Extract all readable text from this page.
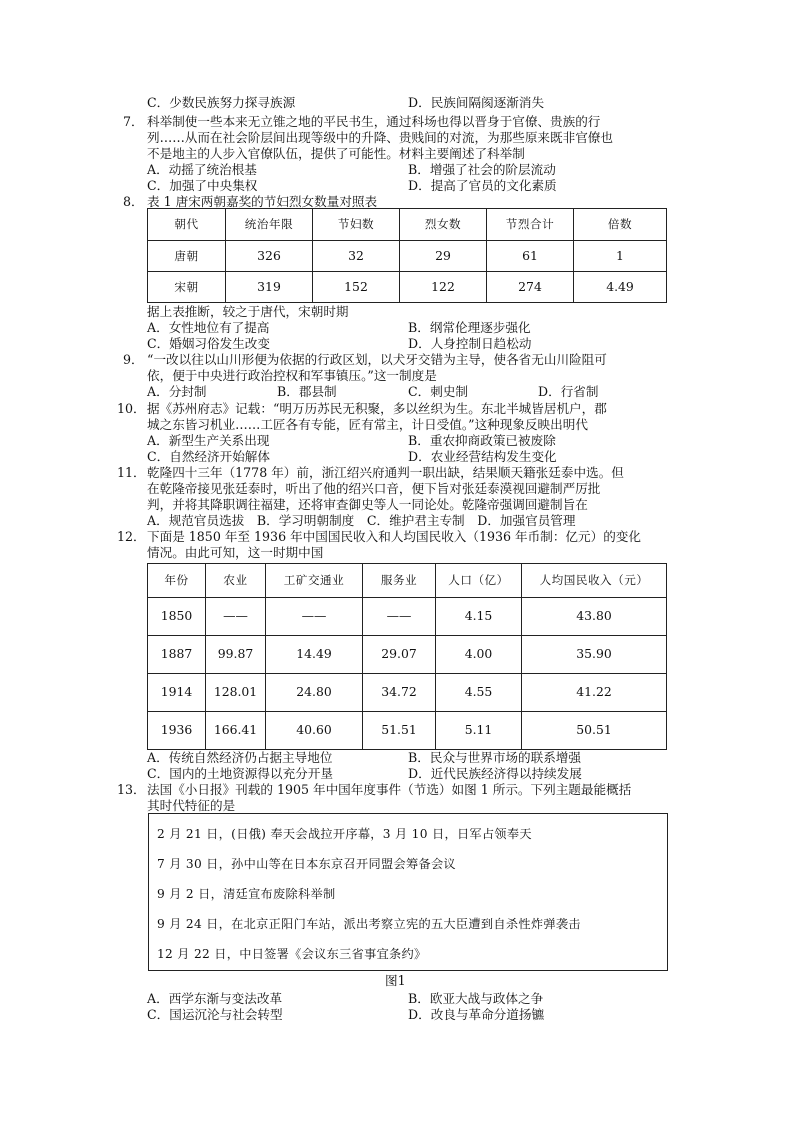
C．少数民族努力探寻族源	D．民族间隔阂逐渐消失
7． 科举制使一些本来无立锥之地的平民书生，通过科场也得以晋身于官僚、贵族的行
列……从而在社会阶层间出现等级中的升降、贵贱间的对流，为那些原来既非官僚也
不是地主的人步入官僚队伍，提供了可能性。材料主要阐述了科举制
A．动摇了统治根基	B．增强了社会的阶层流动
C．加强了中央集权	D．提高了官员的文化素质
8． 表 1 唐宋两朝嘉奖的节妇烈女数量对照表
朝代	统治年限	节妇数	烈女数	节烈合计	倍数
唐朝	326	32	29	61	1
宋朝	319	152	122	274	4.49
据上表推断，较之于唐代，宋朝时期
A．女性地位有了提高	B．纲常伦理逐步强化
C．婚姻习俗发生改变	D．人身控制日趋松动
9． “一改以往以山川形便为依据的行政区划，以犬牙交错为主导，使各省无山川险阻可
依，便于中央进行政治控权和军事镇压。”这一制度是
A．分封制	B．郡县制	C．刺史制	D．行省制
10． 据《苏州府志》记载：“明万历苏民无积聚，多以丝织为生。东北半城皆居机户，郡
城之东皆习机业……工匠各有专能，匠有常主，计日受值。”这种现象反映出明代
A．新型生产关系出现	B．重农抑商政策已被废除
C．自然经济开始解体	D．农业经营结构发生变化
11． 乾隆四十三年（1778 年）前，浙江绍兴府通判一职出缺，结果顺天籍张廷泰中选。但
在乾隆帝接见张廷泰时，听出了他的绍兴口音，便下旨对张廷泰漠视回避制严厉批
判，并将其降职调往福建，还将审查御史等人一同论处。乾隆帝强调回避制旨在
A．规范官员选拔　B．学习明朝制度　C．维护君主专制　D．加强官员管理
12． 下面是 1850 年至 1936 年中国国民收入和人均国民收入（1936 年币制：亿元）的变化
情况。由此可知，这一时期中国
年份	农业	工矿交通业	服务业	人口（亿）	人均国民收入（元）
1850	——	——	——	4.15	43.80
1887	99.87	14.49	29.07	4.00	35.90
1914	128.01	24.80	34.72	4.55	41.22
1936	166.41	40.60	51.51	5.11	50.51
A．传统自然经济仍占据主导地位	B．民众与世界市场的联系增强
C．国内的土地资源得以充分开垦	D．近代民族经济得以持续发展
13． 法国《小日报》刊载的 1905 年中国年度事件（节选）如图 1 所示。下列主题最能概括
其时代特征的是
2 月 21 日，(日俄) 奉天会战拉开序幕，3 月 10 日，日军占领奉天
7 月 30 日，孙中山等在日本东京召开同盟会筹备会议
9 月 2 日，清廷宣布废除科举制
9 月 24 日，在北京正阳门车站，派出考察立宪的五大臣遭到自杀性炸弹袭击
12 月 22 日，中日签署《会议东三省事宜条约》
图1
A．西学东渐与变法改革	B．欧亚大战与政体之争
C．国运沉沦与社会转型	D．改良与革命分道扬镳
